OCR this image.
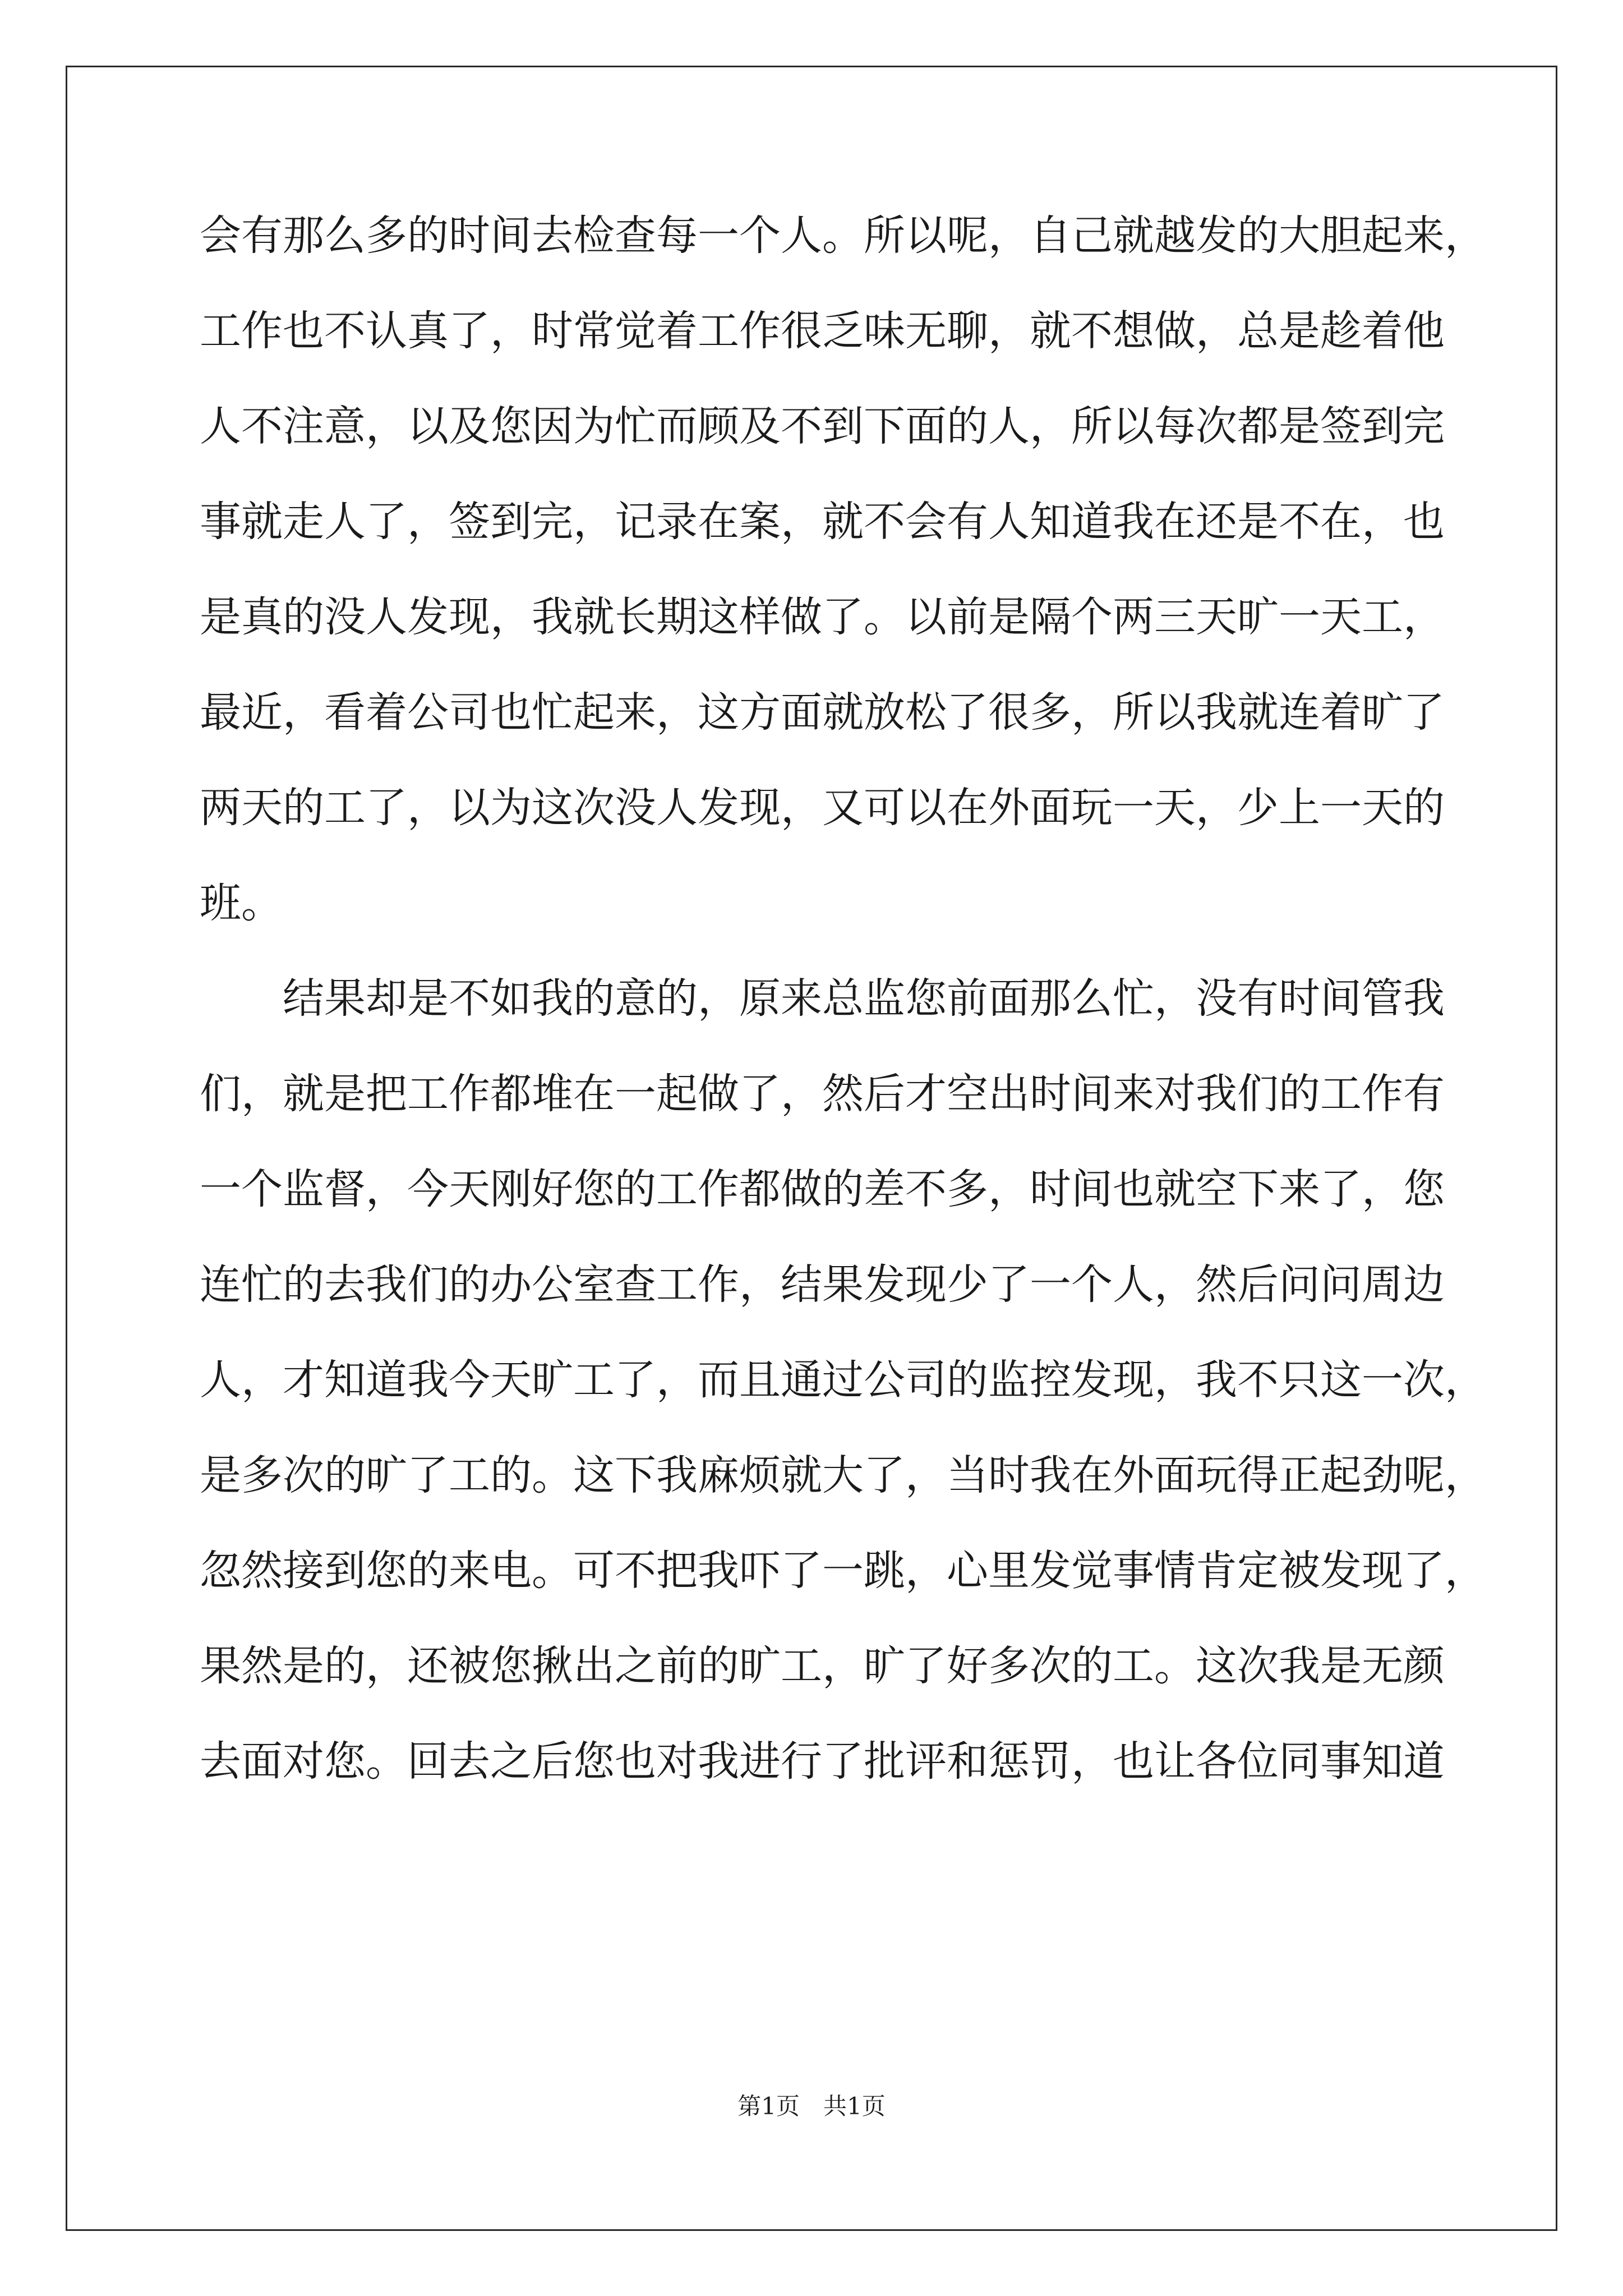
会有那么多的时间去检查每一个人。所以呢，自己就越发的大胆起来，
工作也不认真了，时常觉着工作很乏味无聊，就不想做，总是趁着他
人不注意，以及您因为忙而顾及不到下面的人，所以每次都是签到完
事就走人了，签到完，记录在案，就不会有人知道我在还是不在，也
是真的没人发现，我就长期这样做了。以前是隔个两三天旷一天工，
最近，看着公司也忙起来，这方面就放松了很多，所以我就连着旷了
两天的工了，以为这次没人发现，又可以在外面玩一天，少上一天的
班。
　　结果却是不如我的意的，原来总监您前面那么忙，没有时间管我
们，就是把工作都堆在一起做了，然后才空出时间来对我们的工作有
一个监督，今天刚好您的工作都做的差不多，时间也就空下来了，您
连忙的去我们的办公室查工作，结果发现少了一个人，然后问问周边
人，才知道我今天旷工了，而且通过公司的监控发现，我不只这一次，
是多次的旷了工的。这下我麻烦就大了，当时我在外面玩得正起劲呢，
忽然接到您的来电。可不把我吓了一跳，心里发觉事情肯定被发现了，
果然是的，还被您揪出之前的旷工，旷了好多次的工。这次我是无颜
去面对您。回去之后您也对我进行了批评和惩罚，也让各位同事知道
第1页　共1页
